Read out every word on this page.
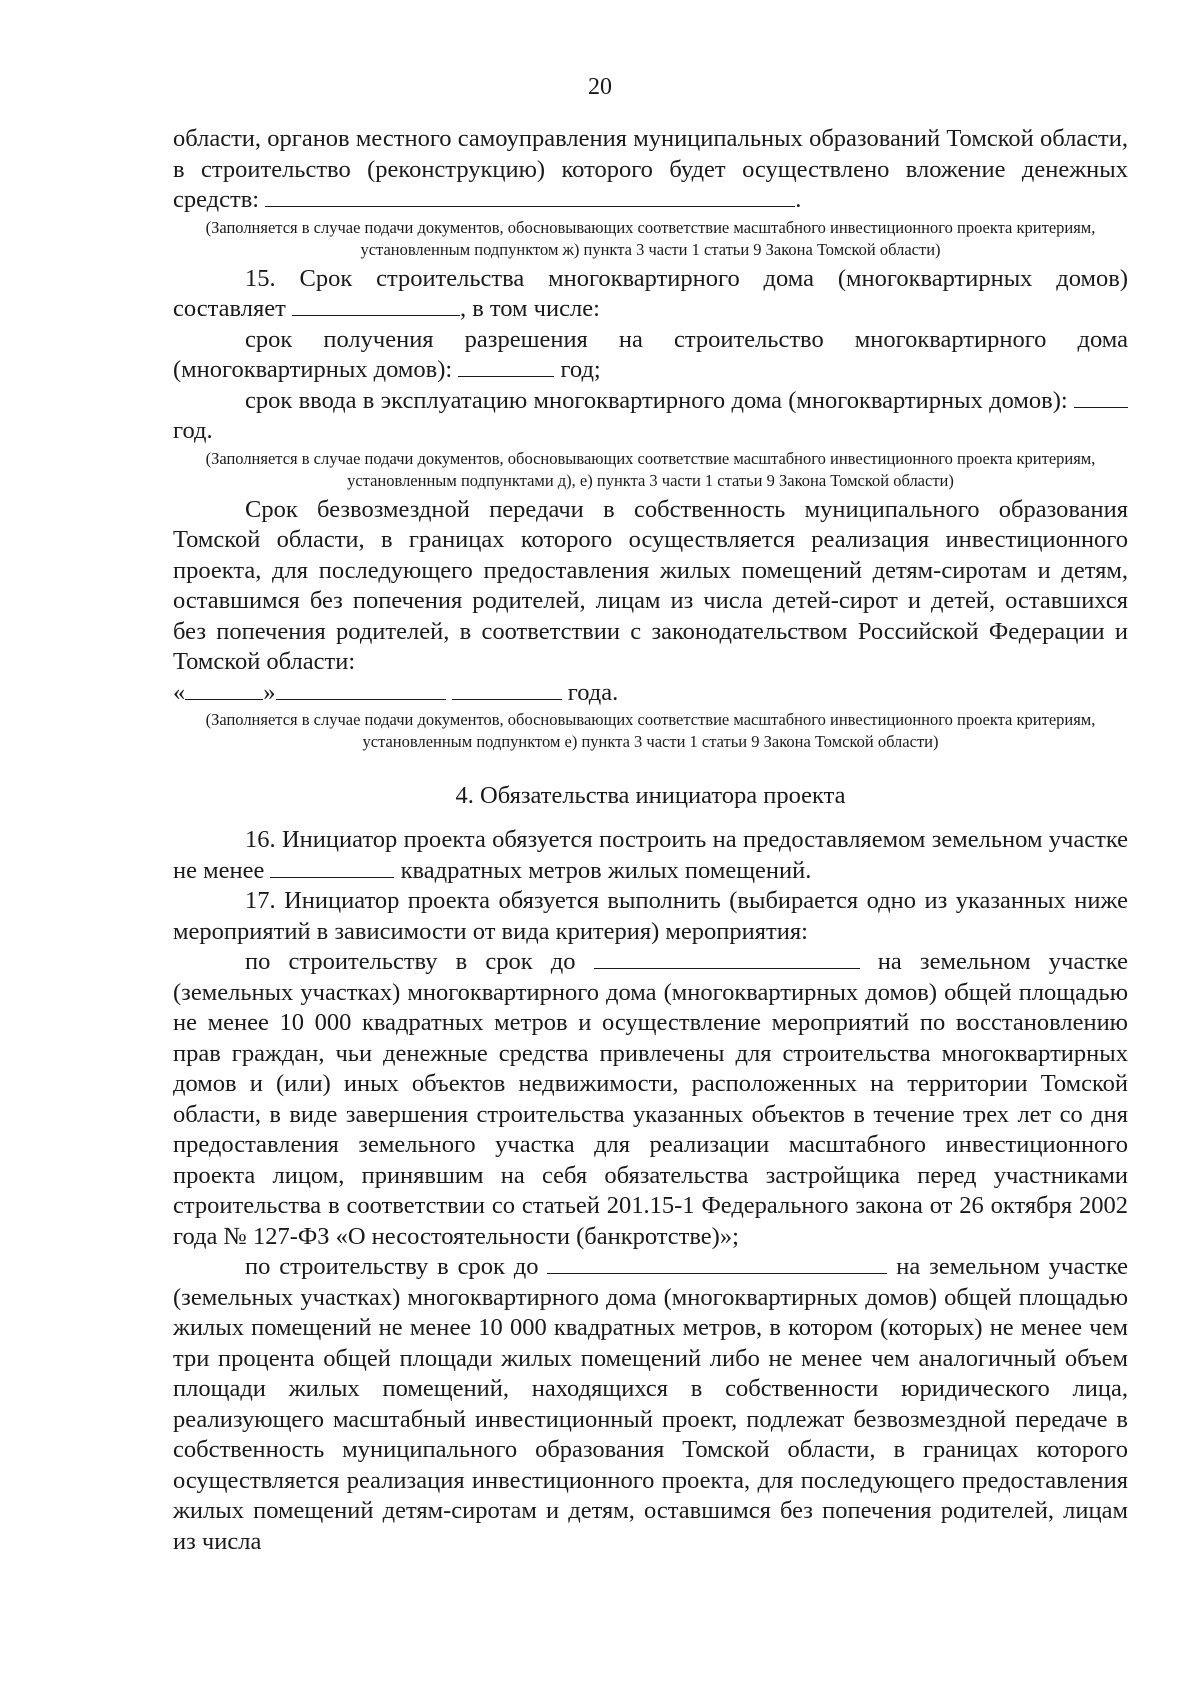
20

области, органов местного самоуправления муниципальных образований Томской области, в строительство (реконструкцию) которого будет осуществлено вложение денежных средств:	.

(Заполняется в случае подачи документов, обосновывающих соответствие масштабного инвестиционного проекта критериям, установленным подпунктом ж) пункта 3 части 1 статьи 9 Закона Томской области)

15. Срок строительства многоквартирного дома (многоквартирных домов) составляет	, в том числе:

срок получения разрешения на строительство многоквартирного дома (многоквартирных домов):	год;

срок ввода в эксплуатацию многоквартирного дома (многоквартирных домов):  год.

(Заполняется в случае подачи документов, обосновывающих соответствие масштабного инвестиционного проекта критериям, установленным подпунктами д), е) пункта 3 части 1 статьи 9 Закона Томской области)

Срок безвозмездной передачи в собственность муниципального образования Томской области, в границах которого осуществляется реализация инвестиционного проекта, для последующего предоставления жилых помещений детям-сиротам и детям, оставшимся без попечения родителей, лицам из числа детей-сирот и детей, оставшихся без попечения родителей, в соответствии с законодательством Российской Федерации и Томской области:

«	»	года.

(Заполняется в случае подачи документов, обосновывающих соответствие масштабного инвестиционного проекта критериям, установленным подпунктом е) пункта 3 части 1 статьи 9 Закона Томской области)

4. Обязательства инициатора проекта

16. Инициатор проекта обязуется построить на предоставляемом земельном участке не менее	квадратных метров жилых помещений.

17. Инициатор проекта обязуется выполнить (выбирается одно из указанных ниже мероприятий в зависимости от вида критерия) мероприятия:

по строительству в срок до	на земельном участке (земельных участках) многоквартирного дома (многоквартирных домов) общей площадью не менее 10 000 квадратных метров и осуществление мероприятий по восстановлению прав граждан, чьи денежные средства привлечены для строительства многоквартирных домов и (или) иных объектов недвижимости, расположенных на территории Томской области, в виде завершения строительства указанных объектов в течение трех лет со дня предоставления земельного участка для реализации масштабного инвестиционного проекта лицом, принявшим на себя обязательства застройщика перед участниками строительства в соответствии со статьей 201.15-1 Федерального закона от 26 октября 2002 года № 127-ФЗ «О несостоятельности (банкротстве)»;

по строительству в срок до	на земельном участке (земельных участках) многоквартирного дома (многоквартирных домов) общей площадью жилых помещений не менее 10 000 квадратных метров, в котором (которых) не менее чем три процента общей площади жилых помещений либо не менее чем аналогичный объем площади жилых помещений, находящихся в собственности юридического лица, реализующего масштабный инвестиционный проект, подлежат безвозмездной передаче в собственность муниципального образования Томской области, в границах которого осуществляется реализация инвестиционного проекта, для последующего предоставления жилых помещений детям-сиротам и детям, оставшимся без попечения родителей, лицам из числа
